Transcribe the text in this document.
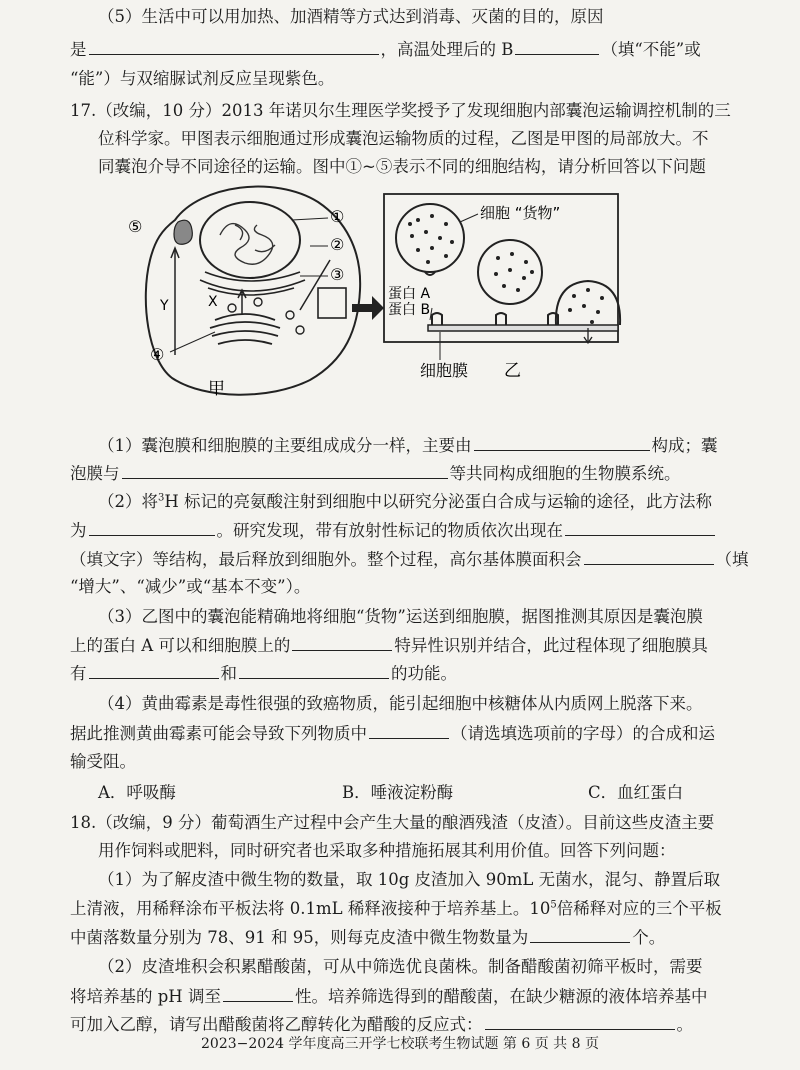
（5）生活中可以用加热、加酒精等方式达到消毒、灭菌的目的，原因
是	，高温处理后的 B	（填“不能”或
“能”）与双缩脲试剂反应呈现紫色。
17.（改编，10 分）2013 年诺贝尔生理医学奖授予了发现细胞内部囊泡运输调控机制的三
位科学家。甲图表示细胞通过形成囊泡运输物质的过程，乙图是甲图的局部放大。不
同囊泡介导不同途径的运输。图中①~⑤表示不同的细胞结构，请分析回答以下问题
⑤
①
②
③
④
Y	X
甲
细胞 “货物”
蛋白 A
蛋白 B
细胞膜 乙
（1）囊泡膜和细胞膜的主要组成成分一样，主要由	构成；囊
泡膜与	等共同构成细胞的生物膜系统。
（2）将$^3$H 标记的亮氨酸注射到细胞中以研究分泌蛋白合成与运输的途径，此方法称
为	。研究发现，带有放射性标记的物质依次出现在
（填文字）等结构，最后释放到细胞外。整个过程，高尔基体膜面积会	（填
“增大”、“减少”或“基本不变”）。
（3）乙图中的囊泡能精确地将细胞“货物”运送到细胞膜，据图推测其原因是囊泡膜
上的蛋白 A 可以和细胞膜上的	特异性识别并结合，此过程体现了细胞膜具
有	和	的功能。
（4）黄曲霉素是毒性很强的致癌物质，能引起细胞中核糖体从内质网上脱落下来。
据此推测黄曲霉素可能会导致下列物质中	（请选填选项前的字母）的合成和运
输受阻。
A．呼吸酶	B．唾液淀粉酶	C．血红蛋白
18.（改编，9 分）葡萄酒生产过程中会产生大量的酿酒残渣（皮渣）。目前这些皮渣主要
用作饲料或肥料，同时研究者也采取多种措施拓展其利用价值。回答下列问题：
（1）为了解皮渣中微生物的数量，取 10g 皮渣加入 90mL 无菌水，混匀、静置后取
上清液，用稀释涂布平板法将 0.1mL 稀释液接种于培养基上。$10^5$倍稀释对应的三个平板
中菌落数量分别为 78、91 和 95，则每克皮渣中微生物数量为	个。
（2）皮渣堆积会积累醋酸菌，可从中筛选优良菌株。制备醋酸菌初筛平板时，需要
将培养基的 pH 调至	性。培养筛选得到的醋酸菌，在缺少糖源的液体培养基中
可加入乙醇，请写出醋酸菌将乙醇转化为醋酸的反应式：	。
2023−2024 学年度高三开学七校联考生物试题 第 6 页 共 8 页
